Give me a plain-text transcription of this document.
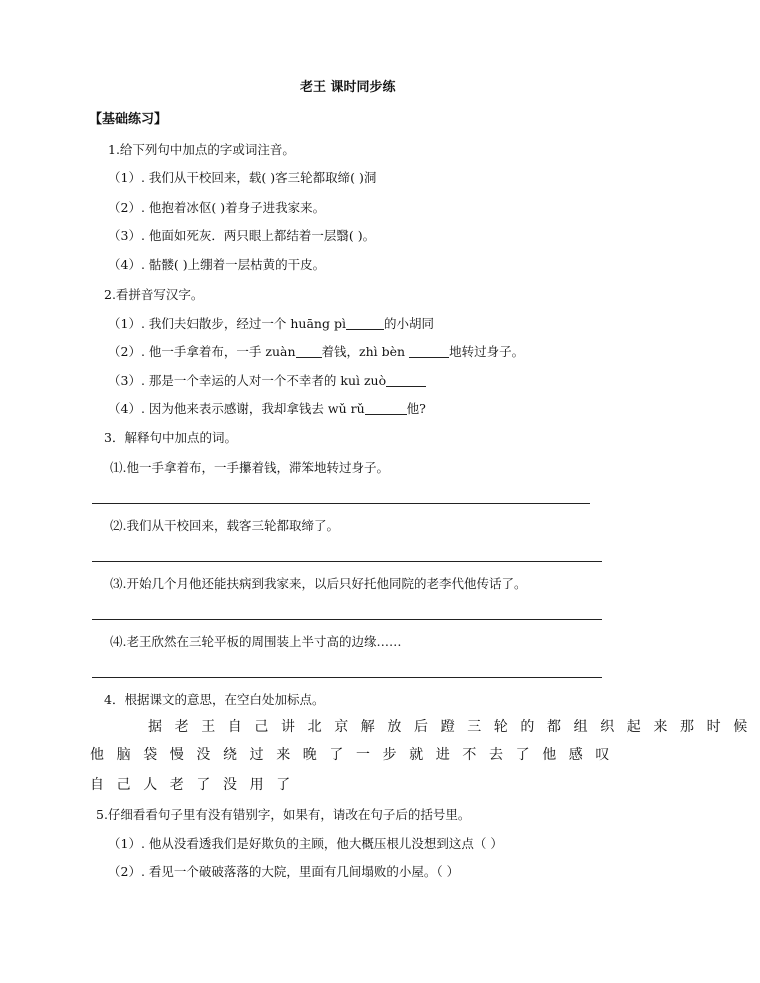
老王 课时同步练
【基础练习】
1.给下列句中加点的字或词注音。
（1）. 我们从干校回来，载( )客三轮都取缔( )洞
（2）. 他抱着冰伛( )着身子进我家来。
（3）. 他面如死灰．两只眼上都结着一层翳( )。
（4）. 骷髅( )上绷着一层枯黄的干皮。
2.看拼音写汉字。
（1）. 我们夫妇散步，经过一个 huāng pì	的小胡同
（2）. 他一手拿着布，一手 zuàn 着钱，zhì bèn	地转过身子。
（3）. 那是一个幸运的人对一个不幸者的 kuì zuò
（4）. 因为他来表示感谢，我却拿钱去 wǔ rǔ	他?
3．解释句中加点的词。
⑴.他一手拿着布，一手攥着钱，滞笨地转过身子。
⑵.我们从干校回来，载客三轮都取缔了。
⑶.开始几个月他还能扶病到我家来，以后只好托他同院的老李代他传话了。
⑷.老王欣然在三轮平板的周围装上半寸高的边缘……
4．根据课文的意思，在空白处加标点。
据老王自己讲北京解放后蹬三轮的都组织起来那时候
他脑袋慢没绕过来晚了一步就进不去了他感叹
自己人老了没用了
5.仔细看看句子里有没有错别字，如果有，请改在句子后的括号里。
（1）. 他从没看透我们是好欺负的主顾，他大概压根儿没想到这点（ ）
（2）. 看见一个破破落落的大院，里面有几间塌败的小屋。（ ）
